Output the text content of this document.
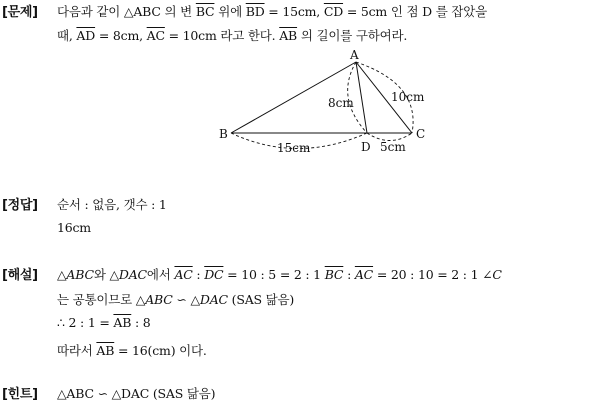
[문제] 다음과 같이 △ABC 의 변 $\overline{BC}$ 위에 $\overline{BD} = 15cm$, $\overline{CD} = 5cm$ 인 점 D 를 잡았을
때, $\overline{AD} = 8cm$, $\overline{AC} = 10cm$ 라고 한다. $\overline{AB}$ 의 길이를 구하여라.
A
B	C
D
8cm	10cm
15cm	5cm
[정답] 순서 : 없음, 갯수 : 1
16cm
[해설] △ABC와 △DAC에서 $\overline{AC}$ : $\overline{DC} = 10$ : 5 = 2 : 1 $\overline{BC}$ : $\overline{AC} = 20$ : 10 = 2 : 1 ∠C
는 공통이므로 △ABC ∽ △DAC (SAS 닮음)
∴ 2 : $1 = \overline{AB}$ : 8
따라서 $\overline{AB} = 16(cm)$ 이다.
[힌트] △ABC ∽ △DAC (SAS 닮음)
